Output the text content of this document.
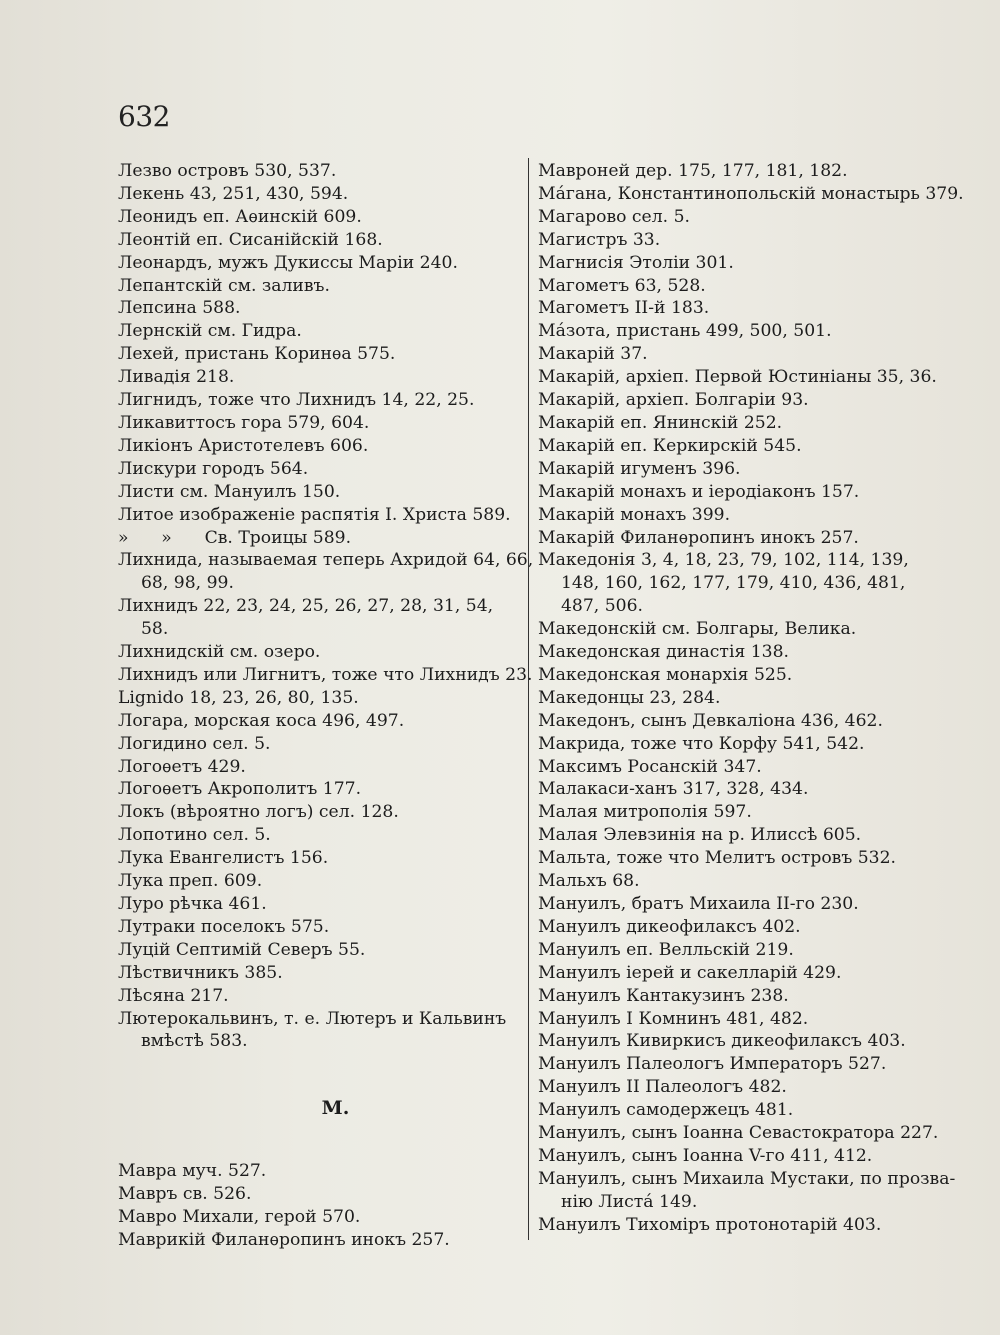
632
Лезво островъ 530, 537.
Лекень 43, 251, 430, 594.
Леонидъ еп. Аѳинскій 609.
Леонтій еп. Сисанійскій 168.
Леонардъ, мужъ Дукиссы Маріи 240.
Лепантскій см. заливъ.
Лепсина 588.
Лернскій см. Гидра.
Лехей, пристань Коринѳа 575.
Ливадія 218.
Лигнидъ, тоже что Лихнидъ 14, 22, 25.
Ликавиттосъ гора 579, 604.
Ликіонъ Аристотелевъ 606.
Лискури городъ 564.
Листи см. Мануилъ 150.
Литое изображеніе распятія І. Христа 589.
»      »      Св. Троицы 589.
Лихнида, называемая теперь Ахридой 64, 66,
68, 98, 99.
Лихнидъ 22, 23, 24, 25, 26, 27, 28, 31, 54,
58.
Лихнидскій см. озеро.
Лихнидъ или Лигнитъ, тоже что Лихнидъ 23.
Lignido 18, 23, 26, 80, 135.
Логара, морская коса 496, 497.
Логидино сел. 5.
Логоѳетъ 429.
Логоѳетъ Акрополитъ 177.
Локъ (вѣроятно логъ) сел. 128.
Лопотино сел. 5.
Лука Евангелистъ 156.
Лука преп. 609.
Луро рѣчка 461.
Лутраки поселокъ 575.
Луцій Септимій Северъ 55.
Лѣствичникъ 385.
Лѣсяна 217.
Лютерокальвинъ, т. е. Лютеръ и Кальвинъ
вмѣстѣ 583.
М.
Мавра муч. 527.
Мавръ св. 526.
Мавро Михали, герой 570.
Маврикій Филанѳропинъ инокъ 257.
Мавроней дер. 175, 177, 181, 182.
Мáгана, Константинопольскій монастырь 379.
Магарово сел. 5.
Магистръ 33.
Магнисія Этоліи 301.
Магометъ 63, 528.
Магометъ II-й 183.
Мáзота, пристань 499, 500, 501.
Макарій 37.
Макарій, архіеп. Первой Юстиніаны 35, 36.
Макарій, архіеп. Болгаріи 93.
Макарій еп. Янинскій 252.
Макарій еп. Керкирскій 545.
Макарій игуменъ 396.
Макарій монахъ и іеродіаконъ 157.
Макарій монахъ 399.
Макарій Филанѳропинъ инокъ 257.
Македонія 3, 4, 18, 23, 79, 102, 114, 139,
148, 160, 162, 177, 179, 410, 436, 481,
487, 506.
Македонскій см. Болгары, Велика.
Македонская династія 138.
Македонская монархія 525.
Македонцы 23, 284.
Македонъ, сынъ Девкаліона 436, 462.
Макрида, тоже что Корфу 541, 542.
Максимъ Росанскій 347.
Малакаси-ханъ 317, 328, 434.
Малая митрополія 597.
Малая Элевзинія на р. Илиссѣ 605.
Мальта, тоже что Мелитъ островъ 532.
Мальхъ 68.
Мануилъ, братъ Михаила II-го 230.
Мануилъ дикеофилаксъ 402.
Мануилъ еп. Велльскій 219.
Мануилъ іерей и сакелларій 429.
Мануилъ Кантакузинъ 238.
Мануилъ I Комнинъ 481, 482.
Мануилъ Кивиркисъ дикеофилаксъ 403.
Мануилъ Палеологъ Императоръ 527.
Мануилъ II Палеологъ 482.
Мануилъ самодержецъ 481.
Мануилъ, сынъ Іоанна Севастократора 227.
Мануилъ, сынъ Іоанна V-го 411, 412.
Мануилъ, сынъ Михаила Мустаки, по прозва-
нію Листá 149.
Мануилъ Тихоміръ протонотарій 403.
